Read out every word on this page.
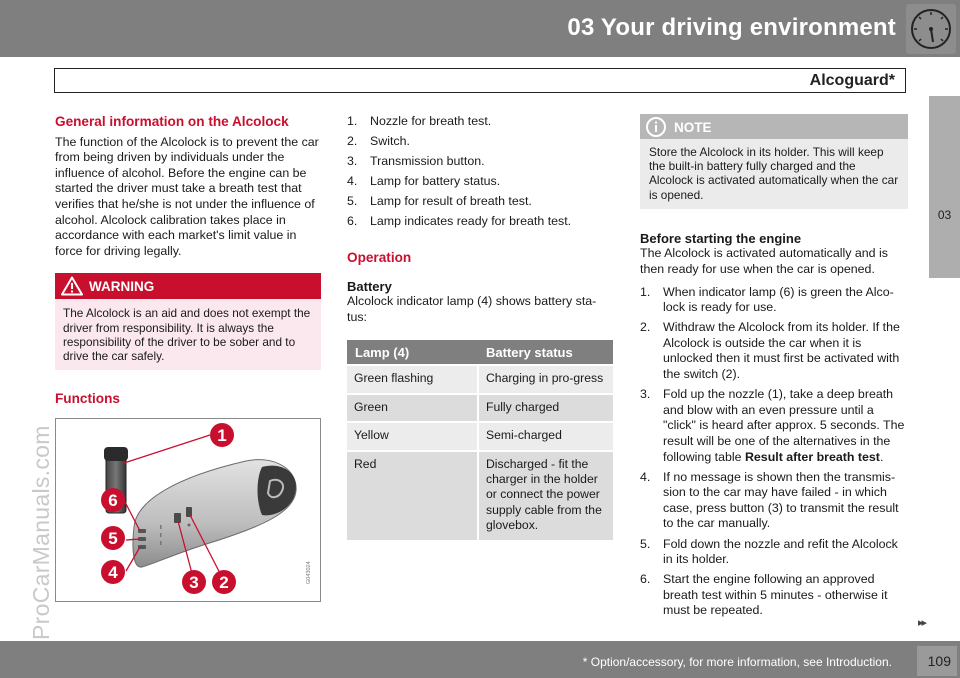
03 Your driving environment
Alcoguard*
03
ProCarManuals.com
General information on the Alcolock

The function of the Alcolock is to prevent the car from being driven by individuals under the influence of alcohol. Before the engine can be started the driver must take a breath test that verifies that he/she is not under the influence of alcohol. Alcolock calibration takes place in accordance with each market's limit value in force for driving legally.

WARNING
The Alcolock is an aid and does not exempt the driver from responsibility. It is always the responsibility of the driver to be sober and to drive the car safely.
Functions
1
6
5
4
3 2	G043024
1.	Nozzle for breath test.
2.	Switch.
3.	Transmission button.
4.	Lamp for battery status.
5.	Lamp for result of breath test.
6.	Lamp indicates ready for breath test.
Operation
Battery

Alcolock indicator lamp (4) shows battery sta-tus:

Lamp (4)	Battery status
Green flashing	Charging in pro-gress
Green	Fully charged
Yellow	Semi-charged
Red	Discharged - fit the charger in the holder or connect the power supply cable from the glovebox.
NOTE
Store the Alcolock in its holder. This will keep the built-in battery fully charged and the Alcolock is activated automatically when the car is opened.
Before starting the engine

The Alcolock is activated automatically and is then ready for use when the car is opened.

1.	When indicator lamp (6) is green the Alco-lock is ready for use.
2.	Withdraw the Alcolock from its holder. If the Alcolock is outside the car when it is unlocked then it must first be activated with the switch (2).
3.	Fold up the nozzle (1), take a deep breath and blow with an even pressure until a "click" is heard after approx. 5 seconds. The result will be one of the alternatives in the following table Result after breath test.
4.	If no message is shown then the transmis-sion to the car may have failed - in which case, press button (3) to transmit the result to the car manually.
5.	Fold down the nozzle and refit the Alcolock in its holder.
6.	Start the engine following an approved breath test within 5 minutes - otherwise it must be repeated.
▸▸
* Option/accessory, for more information, see Introduction.	109
